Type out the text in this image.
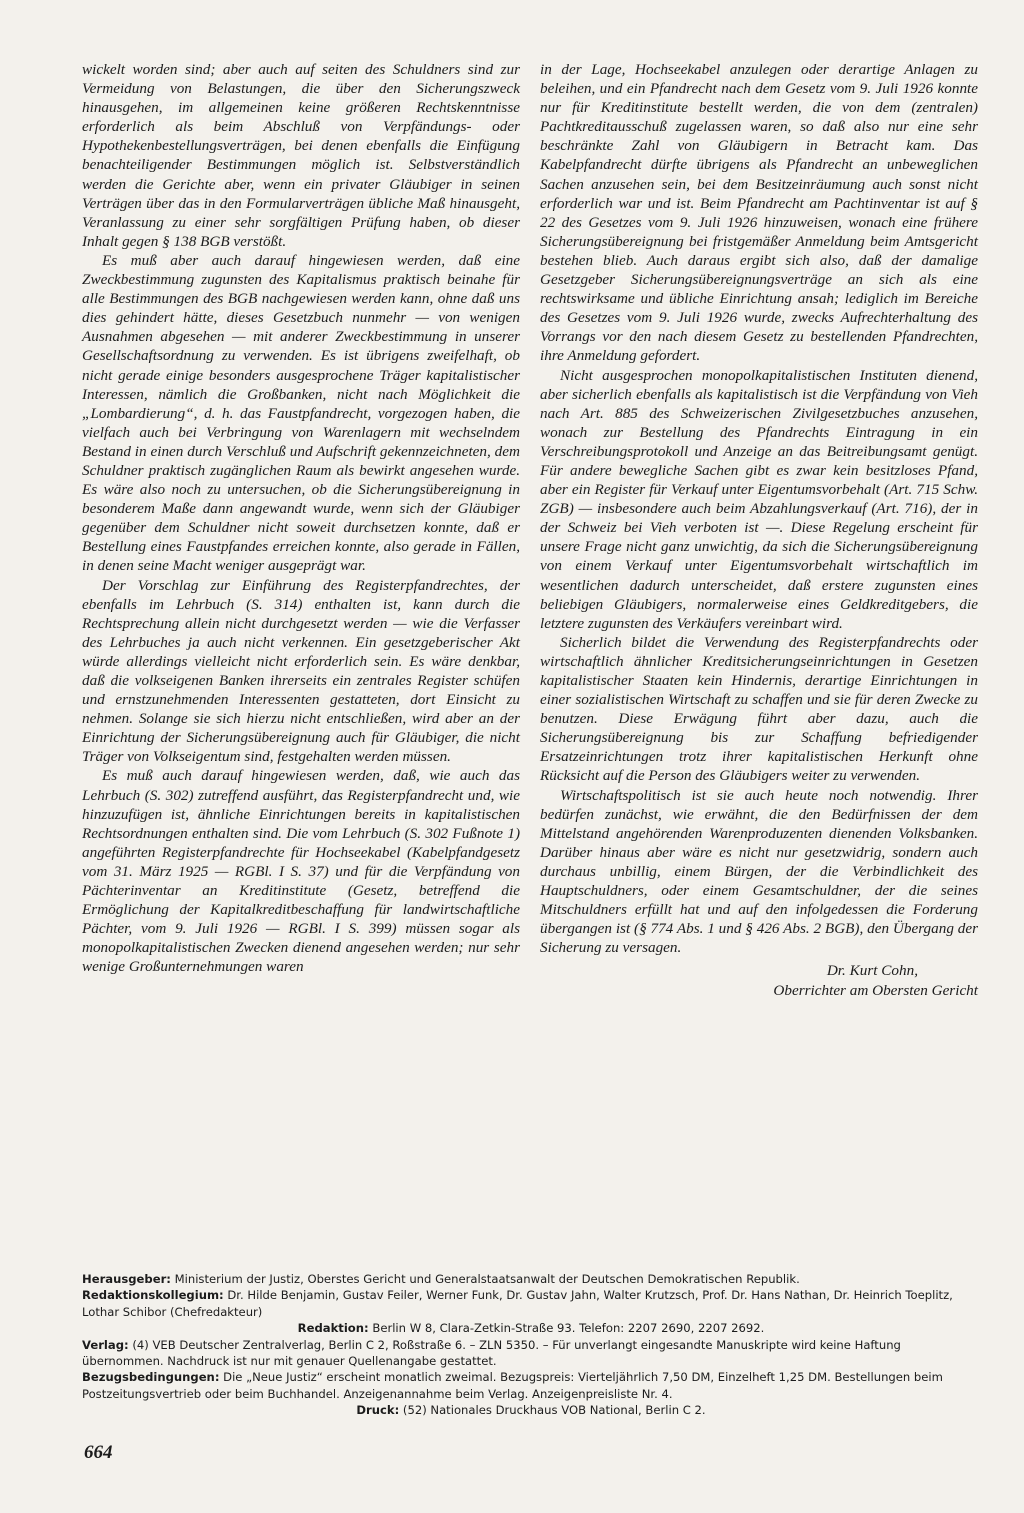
wickelt worden sind; aber auch auf seiten des Schuldners sind zur Vermeidung von Belastungen, die über den Sicherungszweck hinausgehen, im allgemeinen keine größeren Rechtskenntnisse erforderlich als beim Abschluß von Verpfändungs- oder Hypothekenbestellungsverträgen, bei denen ebenfalls die Einfügung benachteiligender Bestimmungen möglich ist. Selbstverständlich werden die Gerichte aber, wenn ein privater Gläubiger in seinen Verträgen über das in den Formularverträgen übliche Maß hinausgeht, Veranlassung zu einer sehr sorgfältigen Prüfung haben, ob dieser Inhalt gegen § 138 BGB verstößt.

Es muß aber auch darauf hingewiesen werden, daß eine Zweckbestimmung zugunsten des Kapitalismus praktisch beinahe für alle Bestimmungen des BGB nachgewiesen werden kann, ohne daß uns dies gehindert hätte, dieses Gesetzbuch nunmehr — von wenigen Ausnahmen abgesehen — mit anderer Zweckbestimmung in unserer Gesellschaftsordnung zu verwenden. Es ist übrigens zweifelhaft, ob nicht gerade einige besonders ausgesprochene Träger kapitalistischer Interessen, nämlich die Großbanken, nicht nach Möglichkeit die „Lombardierung“, d. h. das Faustpfandrecht, vorgezogen haben, die vielfach auch bei Verbringung von Warenlagern mit wechselndem Bestand in einen durch Verschluß und Aufschrift gekennzeichneten, dem Schuldner praktisch zugänglichen Raum als bewirkt angesehen wurde. Es wäre also noch zu untersuchen, ob die Sicherungsübereignung in besonderem Maße dann angewandt wurde, wenn sich der Gläubiger gegenüber dem Schuldner nicht soweit durchsetzen konnte, daß er Bestellung eines Faustpfandes erreichen konnte, also gerade in Fällen, in denen seine Macht weniger ausgeprägt war.

Der Vorschlag zur Einführung des Registerpfandrechtes, der ebenfalls im Lehrbuch (S. 314) enthalten ist, kann durch die Rechtsprechung allein nicht durchgesetzt werden — wie die Verfasser des Lehrbuches ja auch nicht verkennen. Ein gesetzgeberischer Akt würde allerdings vielleicht nicht erforderlich sein. Es wäre denkbar, daß die volkseigenen Banken ihrerseits ein zentrales Register schüfen und ernstzunehmenden Interessenten gestatteten, dort Einsicht zu nehmen. Solange sie sich hierzu nicht entschließen, wird aber an der Einrichtung der Sicherungsübereignung auch für Gläubiger, die nicht Träger von Volkseigentum sind, festgehalten werden müssen.

Es muß auch darauf hingewiesen werden, daß, wie auch das Lehrbuch (S. 302) zutreffend ausführt, das Registerpfandrecht und, wie hinzuzufügen ist, ähnliche Einrichtungen bereits in kapitalistischen Rechtsordnungen enthalten sind. Die vom Lehrbuch (S. 302 Fußnote 1) angeführten Registerpfandrechte für Hochseekabel (Kabelpfandgesetz vom 31. März 1925 — RGBl. I S. 37) und für die Verpfändung von Pächterinventar an Kreditinstitute (Gesetz, betreffend die Ermöglichung der Kapitalkreditbeschaffung für landwirtschaftliche Pächter, vom 9. Juli 1926 — RGBl. I S. 399) müssen sogar als monopolkapitalistischen Zwecken dienend angesehen werden; nur sehr wenige Großunternehmungen waren

in der Lage, Hochseekabel anzulegen oder derartige Anlagen zu beleihen, und ein Pfandrecht nach dem Gesetz vom 9. Juli 1926 konnte nur für Kreditinstitute bestellt werden, die von dem (zentralen) Pachtkreditausschuß zugelassen waren, so daß also nur eine sehr beschränkte Zahl von Gläubigern in Betracht kam. Das Kabelpfandrecht dürfte übrigens als Pfandrecht an unbeweglichen Sachen anzusehen sein, bei dem Besitzeinräumung auch sonst nicht erforderlich war und ist. Beim Pfandrecht am Pachtinventar ist auf § 22 des Gesetzes vom 9. Juli 1926 hinzuweisen, wonach eine frühere Sicherungsübereignung bei fristgemäßer Anmeldung beim Amtsgericht bestehen blieb. Auch daraus ergibt sich also, daß der damalige Gesetzgeber Sicherungsübereignungsverträge an sich als eine rechtswirksame und übliche Einrichtung ansah; lediglich im Bereiche des Gesetzes vom 9. Juli 1926 wurde, zwecks Aufrechterhaltung des Vorrangs vor den nach diesem Gesetz zu bestellenden Pfandrechten, ihre Anmeldung gefordert.

Nicht ausgesprochen monopolkapitalistischen Instituten dienend, aber sicherlich ebenfalls als kapitalistisch ist die Verpfändung von Vieh nach Art. 885 des Schweizerischen Zivilgesetzbuches anzusehen, wonach zur Bestellung des Pfandrechts Eintragung in ein Verschreibungsprotokoll und Anzeige an das Beitreibungsamt genügt. Für andere bewegliche Sachen gibt es zwar kein besitzloses Pfand, aber ein Register für Verkauf unter Eigentumsvorbehalt (Art. 715 Schw. ZGB) — insbesondere auch beim Abzahlungsverkauf (Art. 716), der in der Schweiz bei Vieh verboten ist —. Diese Regelung erscheint für unsere Frage nicht ganz unwichtig, da sich die Sicherungsübereignung von einem Verkauf unter Eigentumsvorbehalt wirtschaftlich im wesentlichen dadurch unterscheidet, daß erstere zugunsten eines beliebigen Gläubigers, normalerweise eines Geldkreditgebers, die letztere zugunsten des Verkäufers vereinbart wird.

Sicherlich bildet die Verwendung des Registerpfandrechts oder wirtschaftlich ähnlicher Kreditsicherungseinrichtungen in Gesetzen kapitalistischer Staaten kein Hindernis, derartige Einrichtungen in einer sozialistischen Wirtschaft zu schaffen und sie für deren Zwecke zu benutzen. Diese Erwägung führt aber dazu, auch die Sicherungsübereignung bis zur Schaffung befriedigender Ersatzeinrichtungen trotz ihrer kapitalistischen Herkunft ohne Rücksicht auf die Person des Gläubigers weiter zu verwenden.

Wirtschaftspolitisch ist sie auch heute noch notwendig. Ihrer bedürfen zunächst, wie erwähnt, die den Bedürfnissen der dem Mittelstand angehörenden Warenproduzenten dienenden Volksbanken. Darüber hinaus aber wäre es nicht nur gesetzwidrig, sondern auch durchaus unbillig, einem Bürgen, der die Verbindlichkeit des Hauptschuldners, oder einem Gesamtschuldner, der die seines Mitschuldners erfüllt hat und auf den infolgedessen die Forderung übergangen ist (§ 774 Abs. 1 und § 426 Abs. 2 BGB), den Übergang der Sicherung zu versagen.

Dr. Kurt Cohn,
Oberrichter am Obersten Gericht
Herausgeber: Ministerium der Justiz, Oberstes Gericht und Generalstaatsanwalt der Deutschen Demokratischen Republik.
Redaktionskollegium: Dr. Hilde Benjamin, Gustav Feiler, Werner Funk, Dr. Gustav Jahn, Walter Krutzsch, Prof. Dr. Hans Nathan, Dr. Heinrich Toeplitz, Lothar Schibor (Chefredakteur)
Redaktion: Berlin W 8, Clara-Zetkin-Straße 93. Telefon: 2207 2690, 2207 2692.
Verlag: (4) VEB Deutscher Zentralverlag, Berlin C 2, Roßstraße 6. – ZLN 5350. – Für unverlangt eingesandte Manuskripte wird keine Haftung übernommen. Nachdruck ist nur mit genauer Quellenangabe gestattet.
Bezugsbedingungen: Die „Neue Justiz“ erscheint monatlich zweimal. Bezugspreis: Vierteljährlich 7,50 DM, Einzelheft 1,25 DM. Bestellungen beim Postzeitungsvertrieb oder beim Buchhandel. Anzeigenannahme beim Verlag. Anzeigenpreisliste Nr. 4.
Druck: (52) Nationales Druckhaus VOB National, Berlin C 2.
664
